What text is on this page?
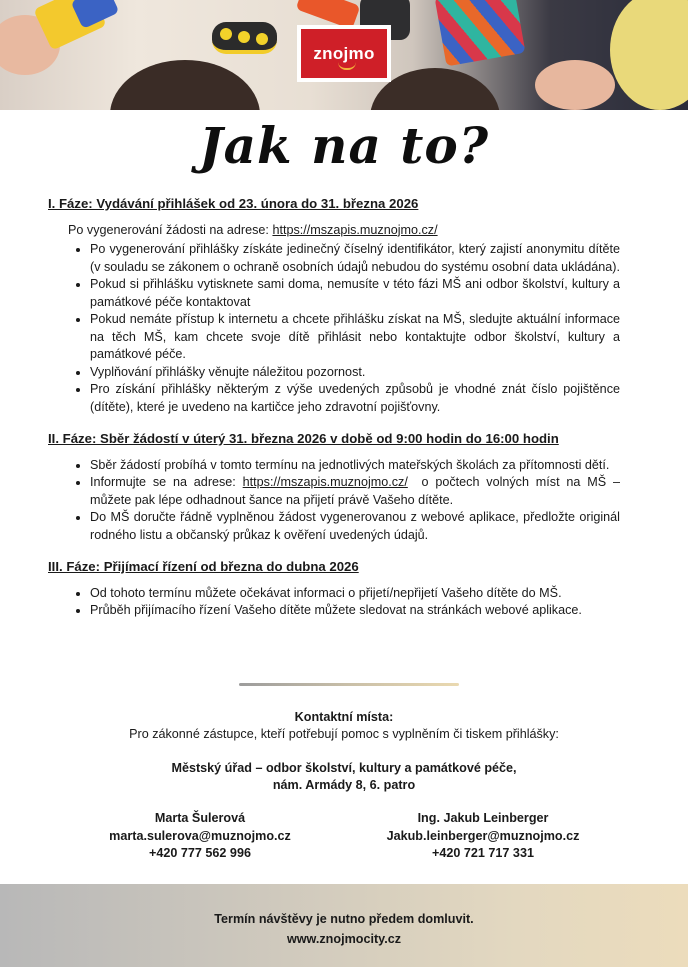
znojmo
Jak na to?

I. Fáze: Vydávání přihlášek od 23. února do 31. března 2026

Po vygenerování žádosti na adrese: https://mszapis.muznojmo.cz/

• Po vygenerování přihlášky získáte jedinečný číselný identifikátor, který zajistí anonymitu dítěte (v souladu se zákonem o ochraně osobních údajů nebudou do systému osobní data ukládána).
• Pokud si přihlášku vytisknete sami doma, nemusíte v této fázi MŠ ani odbor školství, kultury a památkové péče kontaktovat
• Pokud nemáte přístup k internetu a chcete přihlášku získat na MŠ, sledujte aktuální informace na těch MŠ, kam chcete svoje dítě přihlásit nebo kontaktujte odbor školství, kultury a památkové péče.
• Vyplňování přihlášky věnujte náležitou pozornost.
• Pro získání přihlášky některým z výše uvedených způsobů je vhodné znát číslo pojištěnce (dítěte), které je uvedeno na kartičce jeho zdravotní pojišťovny.

II. Fáze: Sběr žádostí v úterý 31. března 2026 v době od 9:00 hodin do 16:00 hodin

• Sběr žádostí probíhá v tomto termínu na jednotlivých mateřských školách za přítomnosti dětí.
• Informujte se na adrese: https://mszapis.muznojmo.cz/  o počtech volných míst na MŠ – můžete pak lépe odhadnout šance na přijetí právě Vašeho dítěte.
• Do MŠ doručte řádně vyplněnou žádost vygenerovanou z webové aplikace, předložte originál rodného listu a občanský průkaz k ověření uvedených údajů.

III. Fáze: Přijímací řízení od března do dubna 2026

• Od tohoto termínu můžete očekávat informaci o přijetí/nepřijetí Vašeho dítěte do MŠ.
• Průběh přijímacího řízení Vašeho dítěte můžete sledovat na stránkách webové aplikace.
Kontaktní místa:
Pro zákonné zástupce, kteří potřebují pomoc s vyplněním či tiskem přihlášky:
Městský úřad – odbor školství, kultury a památkové péče,
nám. Armády 8, 6. patro
Marta Šulerová
marta.sulerova@muznojmo.cz
+420 777 562 996
Ing. Jakub Leinberger
Jakub.leinberger@muznojmo.cz
+420 721 717 331
Termín návštěvy je nutno předem domluvit.
www.znojmocity.cz
